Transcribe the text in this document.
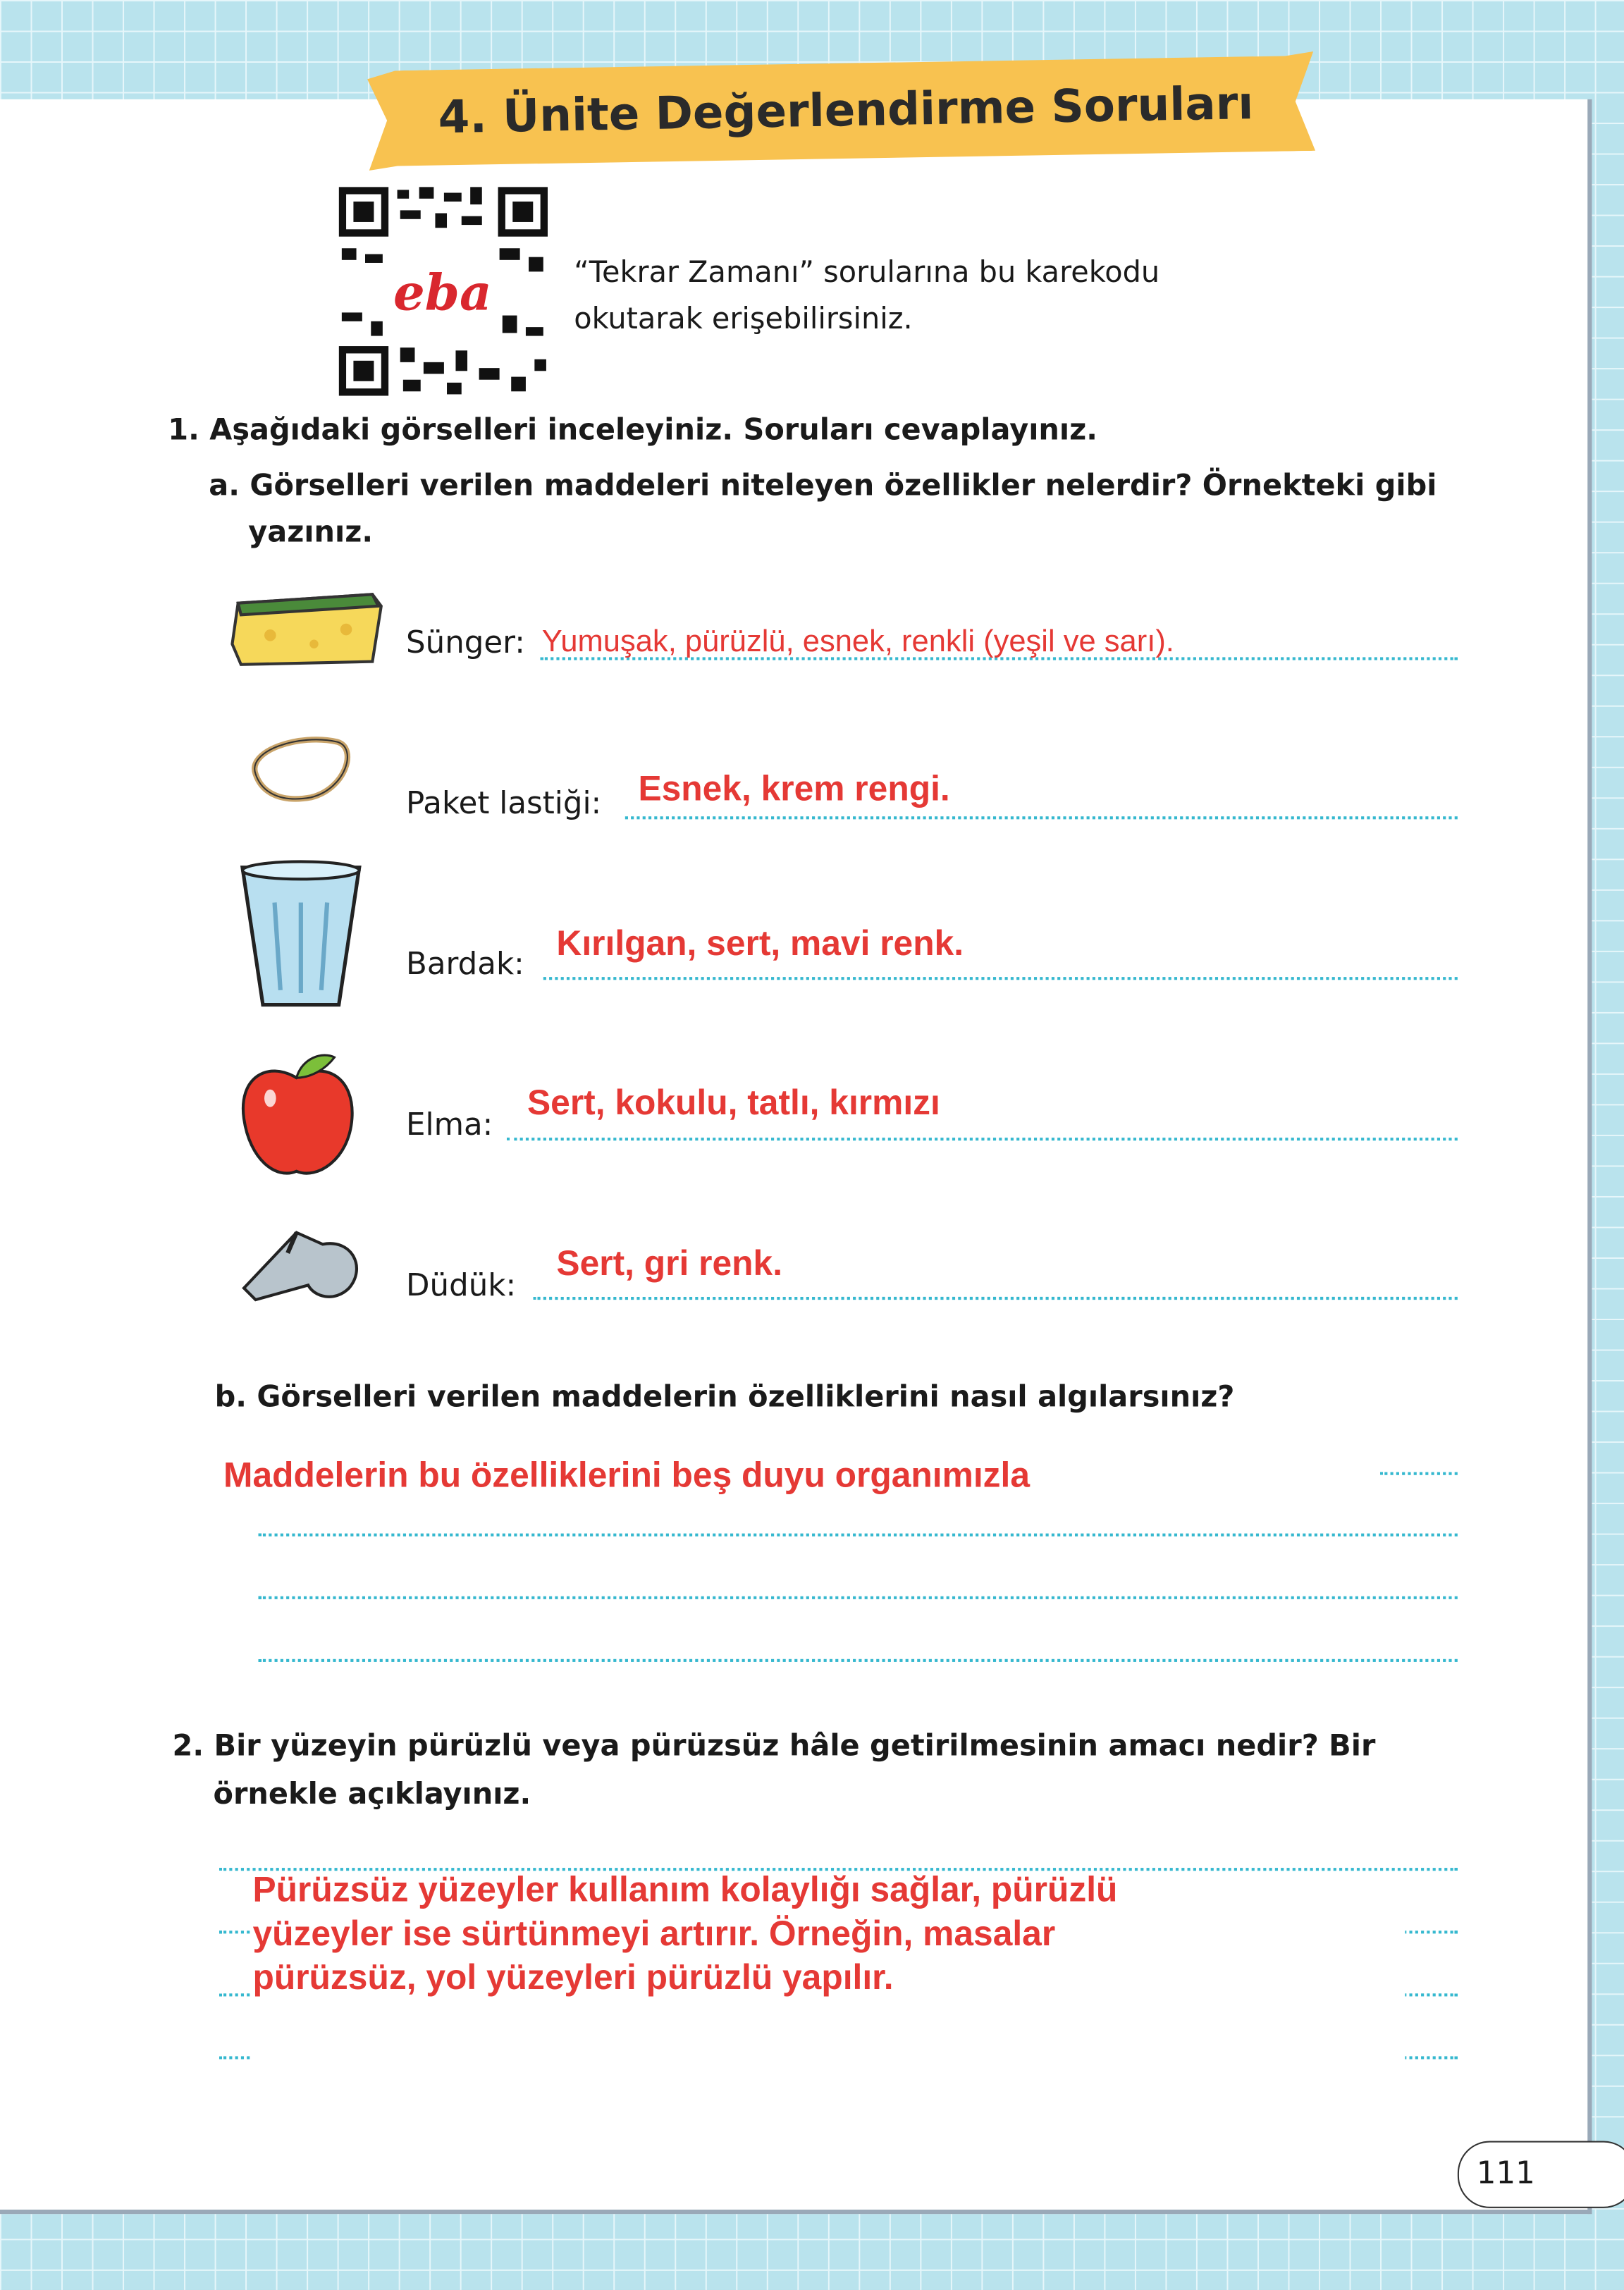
4. Ünite Değerlendirme Soruları
eba	“Tekrar Zamanı” sorularına bu karekodu
okutarak erişebilirsiniz.
1. Aşağıdaki görselleri inceleyiniz. Soruları cevaplayınız.
a. Görselleri verilen maddeleri niteleyen özellikler nelerdir? Örnekteki gibi
yazınız.
Sünger: Yumuşak, pürüzlü, esnek, renkli (yeşil ve sarı).
Paket lastiği: Esnek, krem rengi.
Bardak: Kırılgan, sert, mavi renk.
Elma:
Sert, kokulu, tatlı, kırmızı
Düdük:
Sert, gri renk.
b. Görselleri verilen maddelerin özelliklerini nasıl algılarsınız?
Maddelerin bu özelliklerini beş duyu organımızla
2. Bir yüzeyin pürüzlü veya pürüzsüz hâle getirilmesinin amacı nedir? Bir
örnekle açıklayınız.
Pürüzsüz yüzeyler kullanım kolaylığı sağlar, pürüzlü
yüzeyler ise sürtünmeyi artırır. Örneğin, masalar
pürüzsüz, yol yüzeyleri pürüzlü yapılır.
111
